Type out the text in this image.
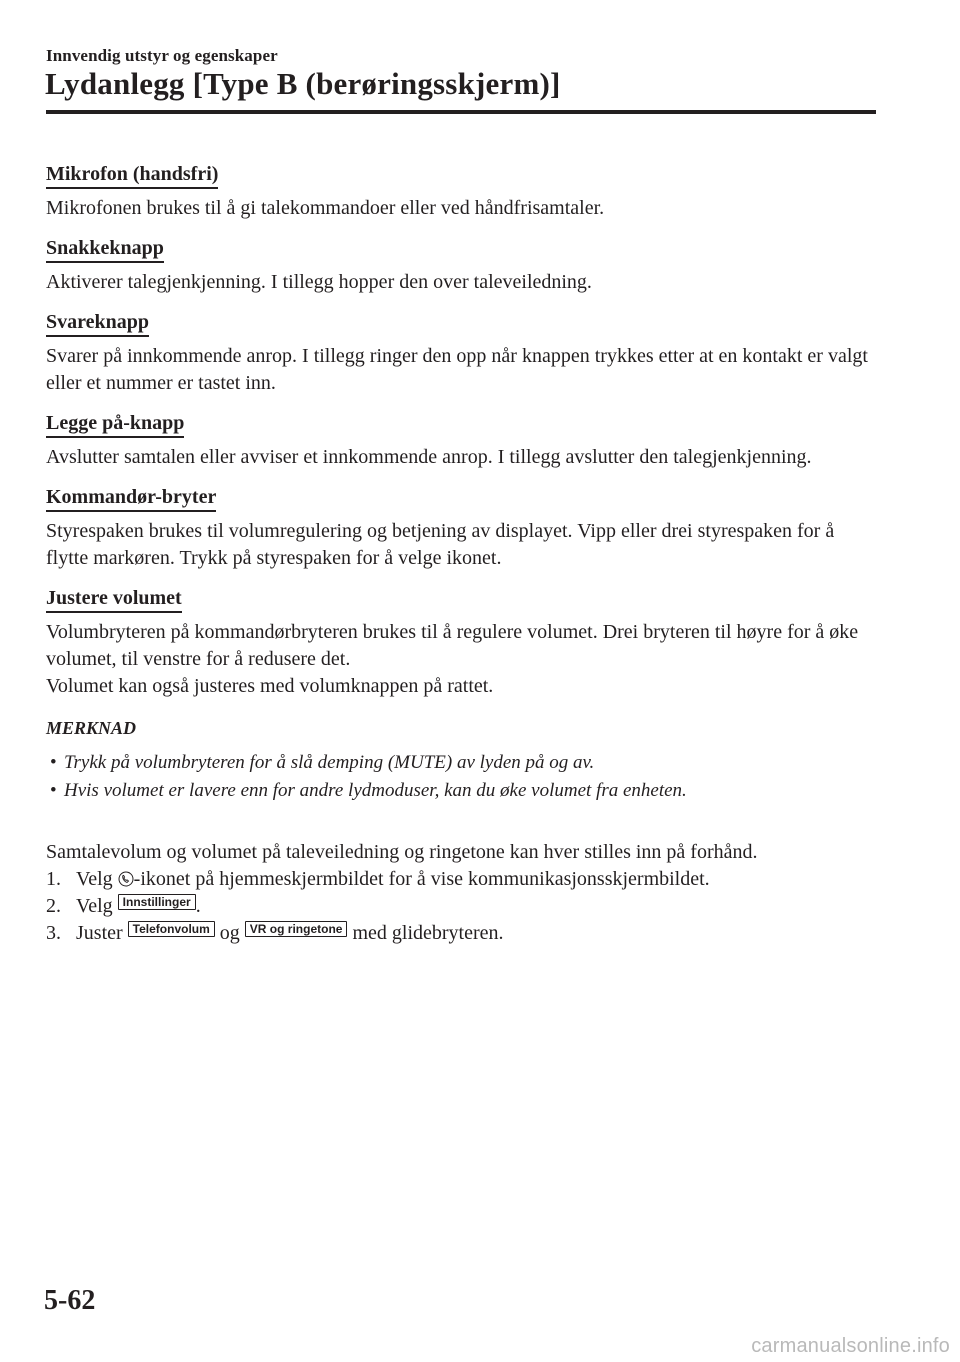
Innvendig utstyr og egenskaper
Lydanlegg [Type B (berøringsskjerm)]
Mikrofon (handsfri)

Mikrofonen brukes til å gi talekommandoer eller ved håndfrisamtaler.

Snakkeknapp

Aktiverer talegjenkjenning. I tillegg hopper den over taleveiledning.

Svareknapp

Svarer på innkommende anrop. I tillegg ringer den opp når knappen trykkes etter at en kontakt er valgt eller et nummer er tastet inn.

Legge på-knapp

Avslutter samtalen eller avviser et innkommende anrop. I tillegg avslutter den talegjenkjenning.

Kommandør-bryter

Styrespaken brukes til volumregulering og betjening av displayet. Vipp eller drei styrespaken for å flytte markøren. Trykk på styrespaken for å velge ikonet.

Justere volumet

Volumbryteren på kommandørbryteren brukes til å regulere volumet. Drei bryteren til høyre for å øke volumet, til venstre for å redusere det.

Volumet kan også justeres med volumknappen på rattet.

MERKNAD
• Trykk på volumbryteren for å slå demping (MUTE) av lyden på og av.
• Hvis volumet er lavere enn for andre lydmoduser, kan du øke volumet fra enheten.
Samtalevolum og volumet på taleveiledning og ringetone kan hver stilles inn på forhånd.
1. Velg -ikonet på hjemmeskjermbildet for å vise kommunikasjonsskjermbildet.
2. Velg Innstillinger .
3. Juster Telefonvolum og VR og ringetone med glidebryteren.
5-62
carmanualsonline.info
